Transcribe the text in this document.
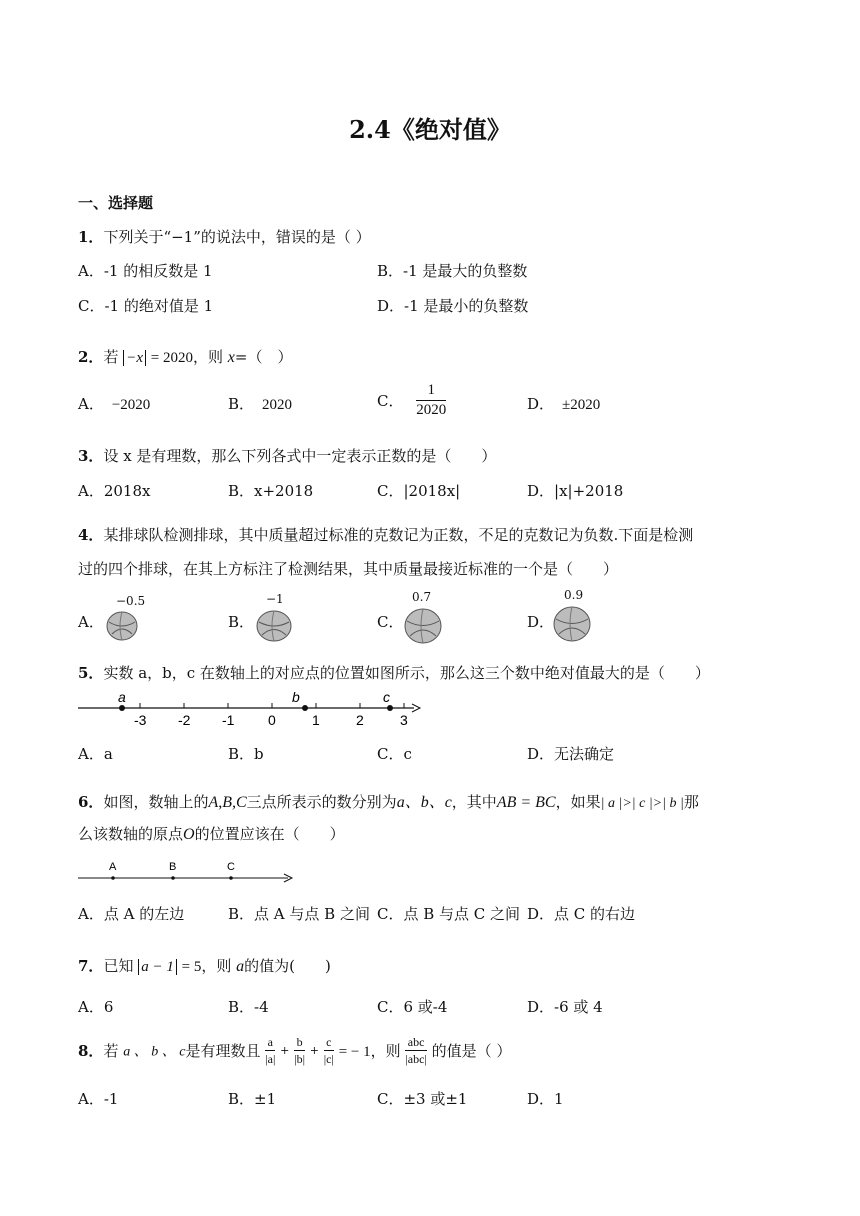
2.4《绝对值》
一、选择题
1．下列关于“−1”的说法中，错误的是（ ）
A．-1 的相反数是 1	B．-1 是最大的负整数
C．-1 的绝对值是 1	D．-1 是最小的负整数
2．若 −x = 2020，则 x=（　）
A． −2020	B． 2020	C． $\frac{1}{2020}$	D． ±2020
3．设 x 是有理数，那么下列各式中一定表示正数的是（　　）
A．2018x	B．x+2018	C．|2018x|	D．|x|+2018
4．某排球队检测排球，其中质量超过标准的克数记为正数，不足的克数记为负数.下面是检测
过的四个排球，在其上方标注了检测结果，其中质量最接近标准的一个是（　　）
A．
−0.5
B．
−1
C．
0.7
D．
0.9
5．实数 a，b，c 在数轴上的对应点的位置如图所示，那么这三个数中绝对值最大的是（　　）
-3 -2 -1 0	1	2	3
a	b	c
A．a	B．b	C．c	D．无法确定
6．如图，数轴上的A,B,C三点所表示的数分别为a、b、c，其中AB = BC，如果| a |>| c |>| b |那
么该数轴的原点O的位置应该在（　　）
A	B	C
A．点 A 的左边	B．点 A 与点 B 之间 C．点 B 与点 C 之间 D．点 C 的右边
7．已知 a − 1 = 5，则 a的值为(　　)
A．6	B．-4	C．6 或-4	D．-6 或 4
8．若 a 、 b 、 c是有理数且 $\frac{a}{|a|} + \frac{b}{|b|} + \frac{c}{|c|}$ = − 1，则 $\frac{\text{abc}}{\text{|abc|}}$ 的值是（ ）
A．-1	B．±1	C．±3 或±1	D．1
